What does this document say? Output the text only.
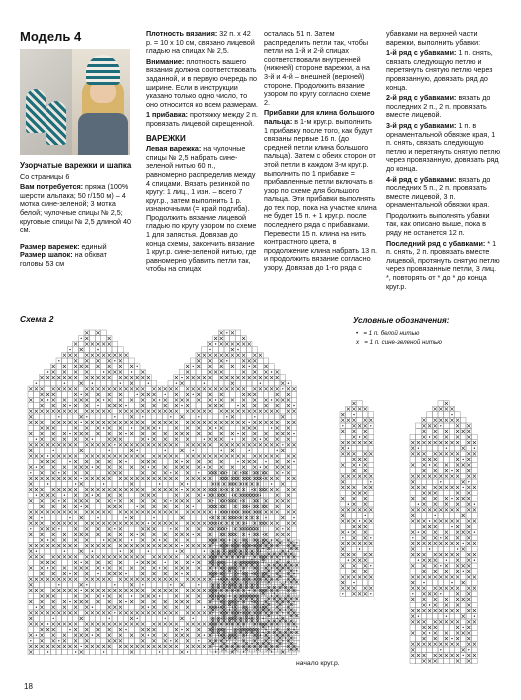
Модель 4

Узорчатые варежки и шапка

Со страницы 6

Вам потребуется: пряжа (100% шерсти альпака; 50 г/150 м) – 4 мотка сине-зеленой; 3 мотка белой; чулочные спицы № 2,5; круговые спицы № 2,5 длиной 40 см.

Размер варежек: единый
Размер шапок: на обхват головы 53 см

Плотность вязания: 32 п. х 42 р. = 10 х 10 см, связано лицевой гладью на спицах № 2,5.

Внимание: плотность вашего вязания должна соответствовать заданной, и в первую очередь по ширине. Если в инструкции указано только одно число, то оно относится ко всем размерам.

1 прибавка: протяжку между 2 п. провязать лицевой скрещенной.

ВАРЕЖКИ

Левая варежка: на чулочные спицы № 2,5 набрать сине-зеленой нитью 60 п., равномерно распределив между 4 спицами. Вязать резинкой по кругу: 1 лиц., 1 изн. – всего 7 круг.р., затем выполнить 1 р. изнаночными (= край подгиба). Продолжить вязание лицевой гладью по кругу узором по схеме 1 для запястья. Довязав до конца схемы, закончить вязание 1 круг.р. сине-зеленой нитью, где равномерно убавить петли так, чтобы на спицах

осталась 51 п. Затем распределить петли так, чтобы петли на 1-й и 2-й спицах соответствовали внутренней (нижней) стороне варежки, а на 3-й и 4-й – внешней (верхней) стороне. Продолжить вязание узором по кругу согласно схеме 2.

Прибавки для клина большого пальца: в 1-м круг.р. выполнить 1 прибавку после того, как будут связаны первые 16 п. (до средней петли клина большого пальца). Затем с обеих сторон от этой петли в каждом 3-м круг.р. выполнить по 1 прибавке = прибавленные петли включать в узор по схеме для большого пальца. Эти прибавки выполнять до тех пор, пока на участке клина не будет 15 п. + 1 круг.р. после последнего ряда с прибавками. Перевести 15 п. клина на нить контрастного цвета, в продолжение клина набрать 13 п. и продолжить вязание согласно узору. Довязав до 1-го ряда с

убавками на верхней части варежки, выполнить убавки:

1-й ряд с убавками: 1 п. снять, связать следующую петлю и перетянуть снятую петлю через провязанную, довязать ряд до конца.

2-й ряд с убавками: вязать до последних 2 п., 2 п. провязать вместе лицевой.

3-й ряд с убавками: 1 п. в орнаментальной обвязке края, 1 п. снять, связать следующую петлю и перетянуть снятую петлю через провязанную, довязать ряд до конца.

4-й ряд с убавками: вязать до последних 5 п., 2 п. провязать вместе лицевой, 3 п. орнаментальной обвязки края.

Продолжить выполнять убавки так, как описано выше, пока в ряду не останется 12 п.

Последний ряд с убавками: * 1 п. снять, 2 п. провязать вместе лицевой, протянуть снятую петлю через провязанные петли, 3 лиц. *, повторять от * до * до конца круг.р.

Схема 2	Условные обозначения:
• = 1 п. белой нитью
x = 1 п. сине-зеленой нитью
начало круг.р.
18
